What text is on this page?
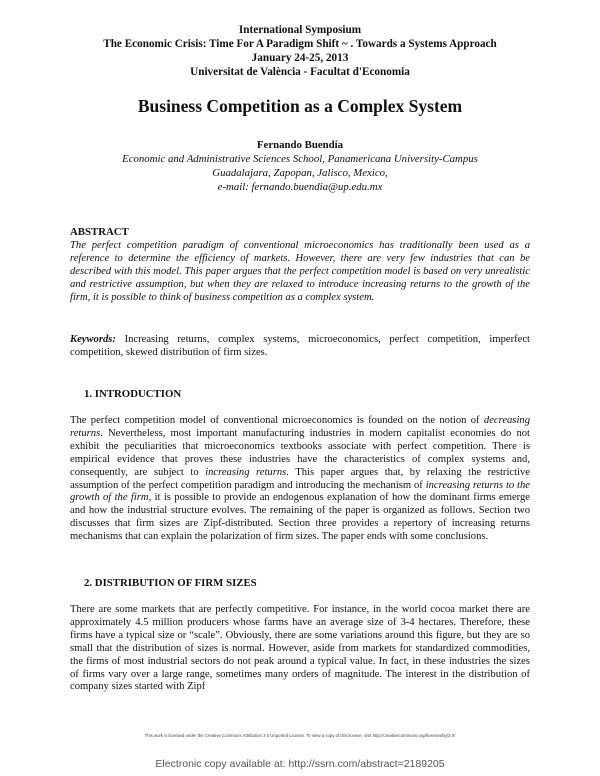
International Symposium
The Economic Crisis: Time For A Paradigm Shift ~ . Towards a Systems Approach
January 24-25, 2013
Universitat de València - Facultat d'Economia
Business Competition as a Complex System
Fernando Buendía
Economic and Administrative Sciences School, Panamericana University-Campus
Guadalajara, Zapopan, Jalisco, Mexico,
e-mail: fernando.buendia@up.edu.mx
ABSTRACT
The perfect competition paradigm of conventional microeconomics has traditionally been used as a reference to determine the efficiency of markets. However, there are very few industries that can be described with this model. This paper argues that the perfect competition model is based on very unrealistic and restrictive assumption, but when they are relaxed to introduce increasing returns to the growth of the firm, it is possible to think of business competition as a complex system.
Keywords: Increasing returns, complex systems, microeconomics, perfect competition, imperfect competition, skewed distribution of firm sizes.
1. INTRODUCTION
The perfect competition model of conventional microeconomics is founded on the notion of decreasing returns. Nevertheless, most important manufacturing industries in modern capitalist economies do not exhibit the peculiarities that microeconomics textbooks associate with perfect competition. There is empirical evidence that proves these industries have the characteristics of complex systems and, consequently, are subject to increasing returns. This paper argues that, by relaxing the restrictive assumption of the perfect competition paradigm and introducing the mechanism of increasing returns to the growth of the firm, it is possible to provide an endogenous explanation of how the dominant firms emerge and how the industrial structure evolves. The remaining of the paper is organized as follows. Section two discusses that firm sizes are Zipf-distributed. Section three provides a repertory of increasing returns mechanisms that can explain the polarization of firm sizes. The paper ends with some conclusions.
2. DISTRIBUTION OF FIRM SIZES
There are some markets that are perfectly competitive. For instance, in the world cocoa market there are approximately 4.5 million producers whose farms have an average size of 3-4 hectares. Therefore, these firms have a typical size or “scale”. Obviously, there are some variations around this figure, but they are so small that the distribution of sizes is normal. However, aside from markets for standardized commodities, the firms of most industrial sectors do not peak around a typical value. In fact, in these industries the sizes of firms vary over a large range, sometimes many orders of magnitude. The interest in the distribution of company sizes started with Zipf
This work is licensed under the Creative Commons Attribution 3.0 Unported License. To view a copy of this license, visit http://creativecommons.org/licenses/by/3.0/
Electronic copy available at: http://ssrn.com/abstract=2189205
